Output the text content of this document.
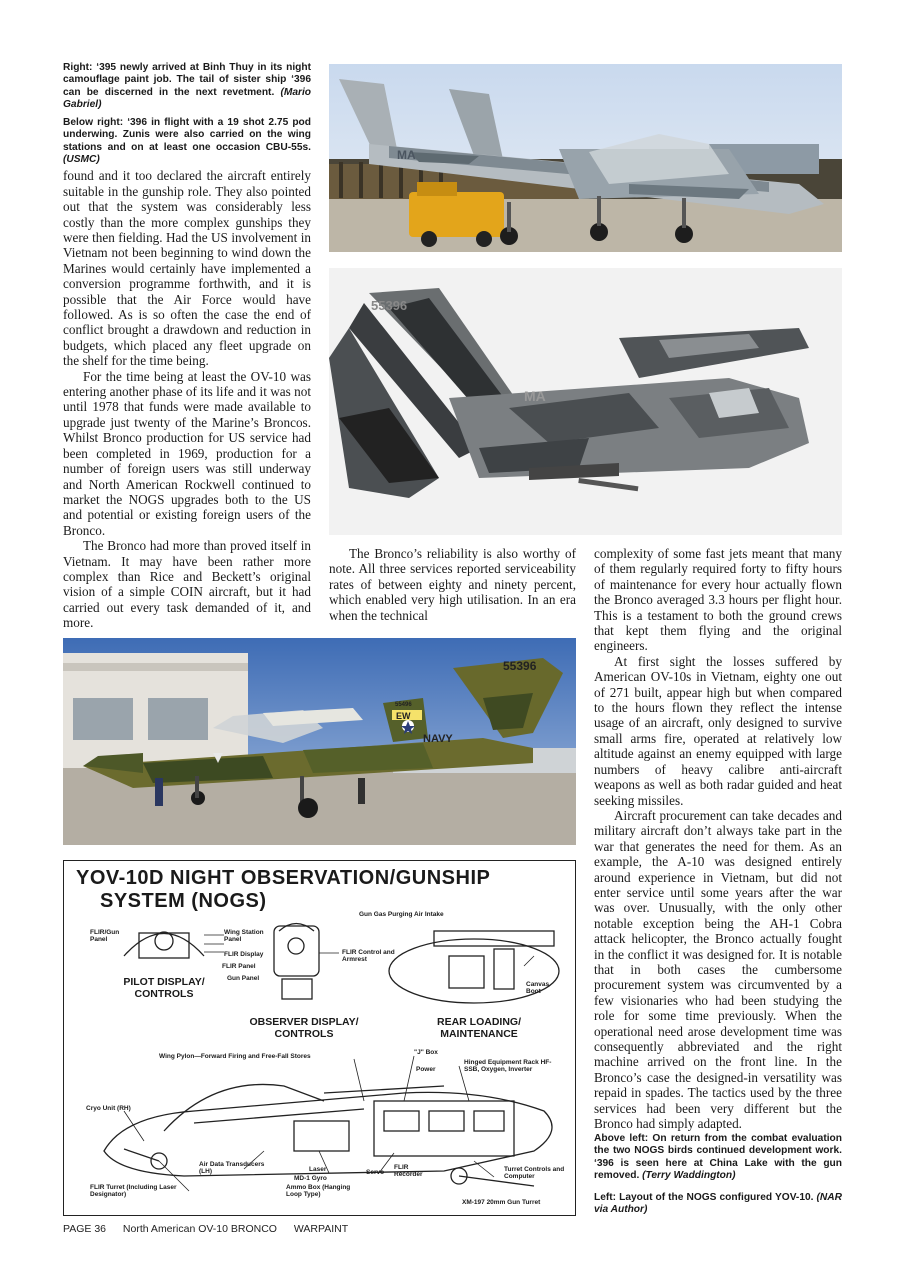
Right: ‘395 newly arrived at Binh Thuy in its night camouflage paint job. The tail of sister ship ‘396 can be discerned in the next revetment. (Mario Gabriel)

Below right: ‘396 in flight with a 19 shot 2.75 pod underwing. Zunis were also carried on the wing stations and on at least one occasion CBU-55s. (USMC)

found and it too declared the aircraft entirely suitable in the gunship role. They also pointed out that the system was considerably less costly than the more complex gunships they were then fielding. Had the US involvement in Vietnam not been beginning to wind down the Marines would certainly have implemented a conversion programme forthwith, and it is possible that the Air Force would have followed. As is so often the case the end of conflict brought a drawdown and reduction in budgets, which placed any fleet upgrade on the shelf for the time being.

For the time being at least the OV-10 was entering another phase of its life and it was not until 1978 that funds were made available to upgrade just twenty of the Marine’s Broncos. Whilst Bronco production for US service had been completed in 1969, production for a number of foreign users was still underway and North American Rockwell continued to market the NOGS upgrades both to the US and potential or existing foreign users of the Bronco.

The Bronco had more than proved itself in Vietnam. It may have been rather more complex than Rice and Beckett’s original vision of a simple COIN aircraft, but it had carried out every task demanded of it, and more.

The Bronco’s reliability is also worthy of note. All three services reported serviceability rates of between eighty and ninety percent, which enabled very high utilisation. In an era when the technical

complexity of some fast jets meant that many of them regularly required forty to fifty hours of maintenance for every hour actually flown the Bronco averaged 3.3 hours per flight hour. This is a testament to both the ground crews that kept them flying and the original engineers.

At first sight the losses suffered by American OV-10s in Vietnam, eighty one out of 271 built, appear high but when compared to the hours flown they reflect the intense usage of an aircraft, only designed to survive small arms fire, operated at relatively low altitude against an enemy equipped with large numbers of heavy calibre anti-aircraft weapons as well as both radar guided and heat seeking missiles.

Aircraft procurement can take decades and military aircraft don’t always take part in the war that generates the need for them. As an example, the A-10 was designed entirely around experience in Vietnam, but did not enter service until some years after the war was over. Unusually, with the only other notable exception being the AH-1 Cobra attack helicopter, the Bronco actually fought in the conflict it was designed for. It is notable that in both cases the cumbersome procurement system was circumvented by a few visionaries who had been studying the role for some time previously. When the operational need arose development time was consequently abbreviated and the right machine arrived on the front line. In the Bronco’s case the designed-in versatility was repaid in spades. The tactics used by the three services had been very different but the Bronco had simply adapted.

Above left: On return from the combat evaluation the two NOGS birds continued development work. ‘396 is seen here at China Lake with the gun removed. (Terry Waddington)

Left: Layout of the NOGS configured YOV-10. (NAR via Author)

MA
55396
MA
55396
55496
EW
NAVY
YOV-10D NIGHT OBSERVATION/GUNSHIP
SYSTEM (NOGS)
FLIR/Gun Panel
Wing Station Panel
FLIR Display
FLIR Panel
Gun Panel
FLIR Control and Armrest
Gun Gas Purging Air Intake
Canvas Boot
PILOT DISPLAY/
CONTROLS
OBSERVER DISPLAY/
CONTROLS
REAR LOADING/
MAINTENANCE
Wing Pylon—Forward Firing and Free-Fall Stores
"J" Box
Power
Hinged Equipment Rack HF-SSB, Oxygen, Inverter
Cryo Unit (RH)
Air Data Transducers (LH)	Laser
MD-1 Gyro
Ammo Box (Hanging Loop Type)
Servo
FLIR Recorder
Turret Controls and Computer
FLIR Turret (Including Laser Designator)
XM-197 20mm Gun Turret
PAGE 36 North American OV-10 BRONCO WARPAINT
